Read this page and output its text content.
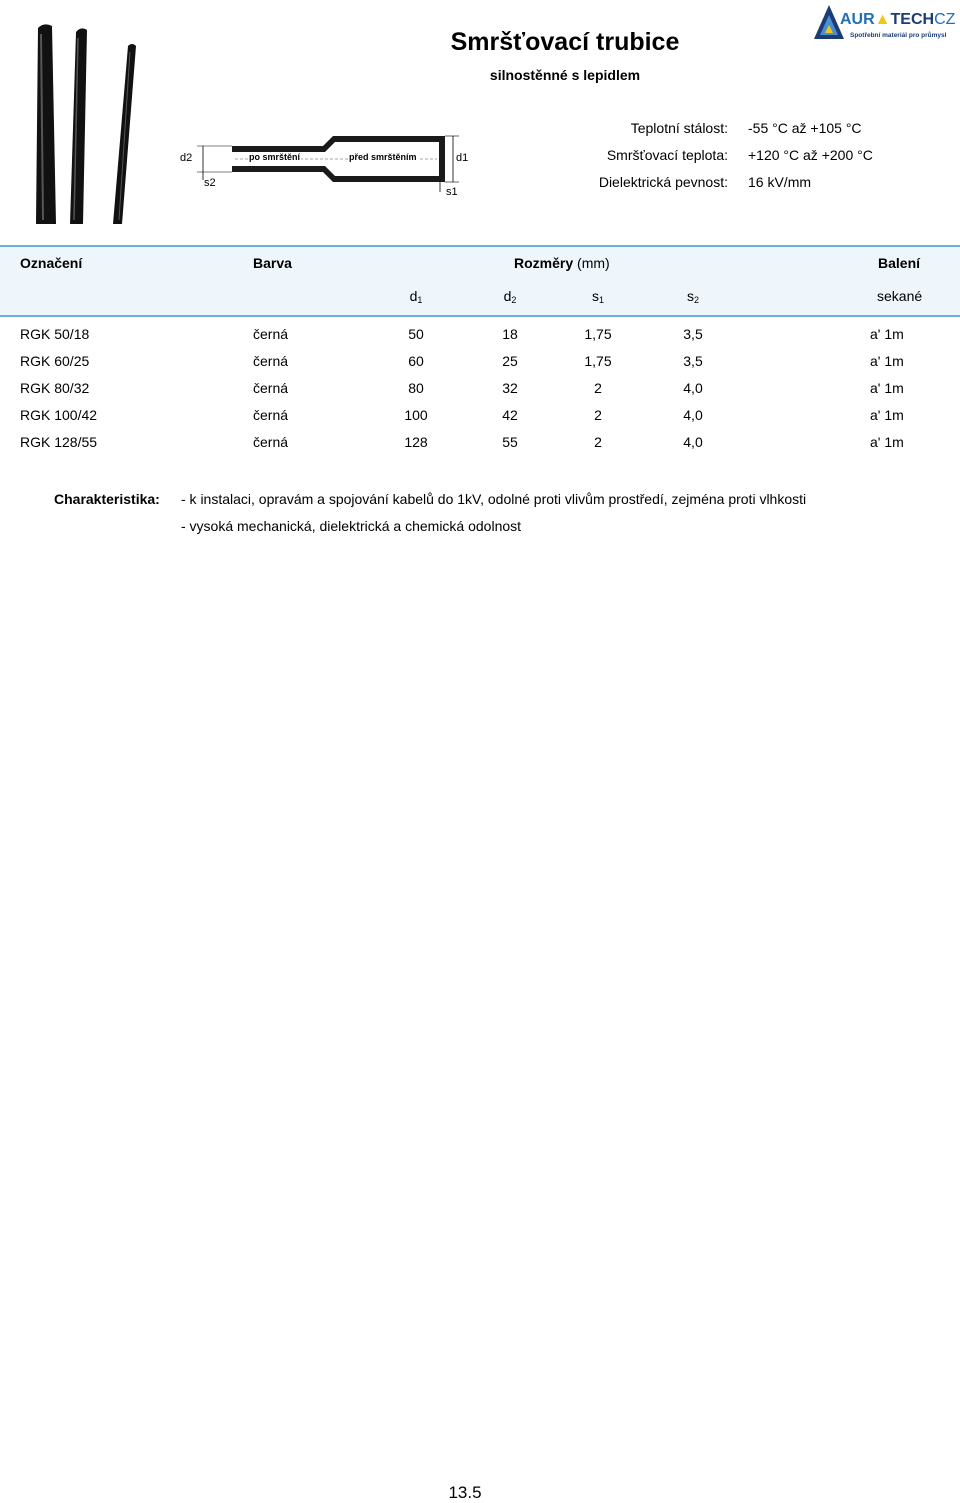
po smrštění	před smrštěním
d2
s2
d1
s1
Smršťovací trubice
silnostěnné s lepidlem
AUR▲TECHCZ
Spotřební materiál pro průmysl
Teplotní stálost: -55 °C až +105 °C
Smršťovací teplota: +120 °C až +200 °C
Dielektrická pevnost: 16 kV/mm
Označení	Barva	Rozměry (mm)	Balení
$d_1$	$d_2$	$s_1$	$s_2$	sekané
RGK 50/18	černá	50	18	1,75	3,5	a' 1m
RGK 60/25	černá	60	25	1,75	3,5	a' 1m
RGK 80/32	černá	80	32	2	4,0	a' 1m
RGK 100/42	černá	100	42	2	4,0	a' 1m
RGK 128/55	černá	128	55	2	4,0	a' 1m
Charakteristika: - k instalaci, opravám a spojování kabelů do 1kV, odolné proti vlivům prostředí, zejména proti vlhkosti
- vysoká mechanická, dielektrická a chemická odolnost
13.5
